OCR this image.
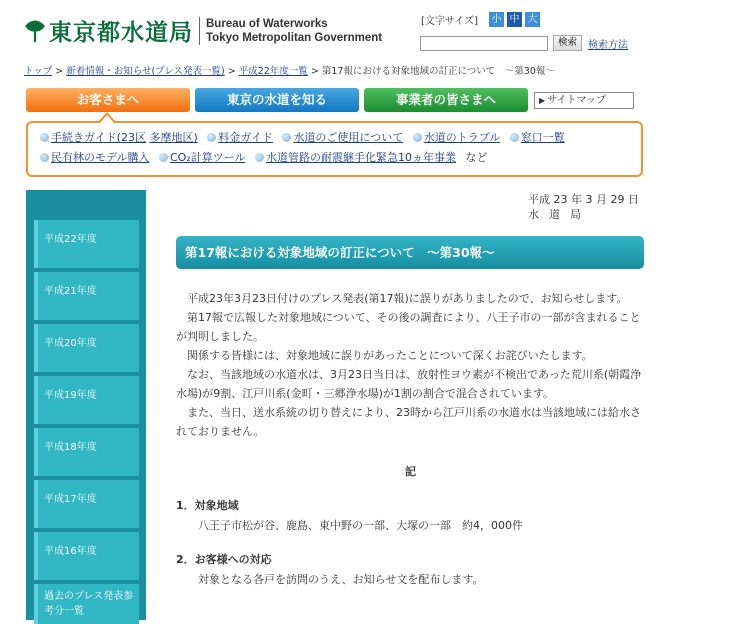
東京都水道局 Bureau of Waterworks
Tokyo Metropolitan Government
[文字サイズ] 小 中 大
検索	検索方法
トップ > 新着情報・お知らせ(プレス発表一覧) > 平成22年度一覧 > 第17報における対象地域の訂正について　～第30報～
お客さまへ	東京の水道を知る	事業者の皆さまへ	▶ サイトマップ
手続きガイド(23区 多摩地区) 料金ガイド 水道のご使用について 水道のトラブル 窓口一覧
民有林のモデル購入 CO₂計算ツール 水道管路の耐震継手化緊急10ヵ年事業 など
平成22年度
平成21年度
平成20年度
平成19年度
平成18年度
平成17年度
平成16年度
過去のプレス発表参考分一覧
平成 23 年 3 月 29 日
水道局
第17報における対象地域の訂正について　～第30報～

平成23年3月23日付けのプレス発表(第17報)に誤りがありましたので、お知らせします。

第17報で広報した対象地域について、その後の調査により、八王子市の一部が含まれることが判明しました。

関係する皆様には、対象地域に誤りがあったことについて深くお詫びいたします。

なお、当該地域の水道水は、3月23日当日は、放射性ヨウ素が不検出であった荒川系(朝霞浄水場)が9割、江戸川系(金町・三郷浄水場)が1割の割合で混合されています。

また、当日、送水系統の切り替えにより、23時から江戸川系の水道水は当該地域には給水されておりません。

記
1．対象地域
八王子市松が谷、鹿島、東中野の一部、大塚の一部　約4，000件
2．お客様への対応
対象となる各戸を訪問のうえ、お知らせ文を配布します。
